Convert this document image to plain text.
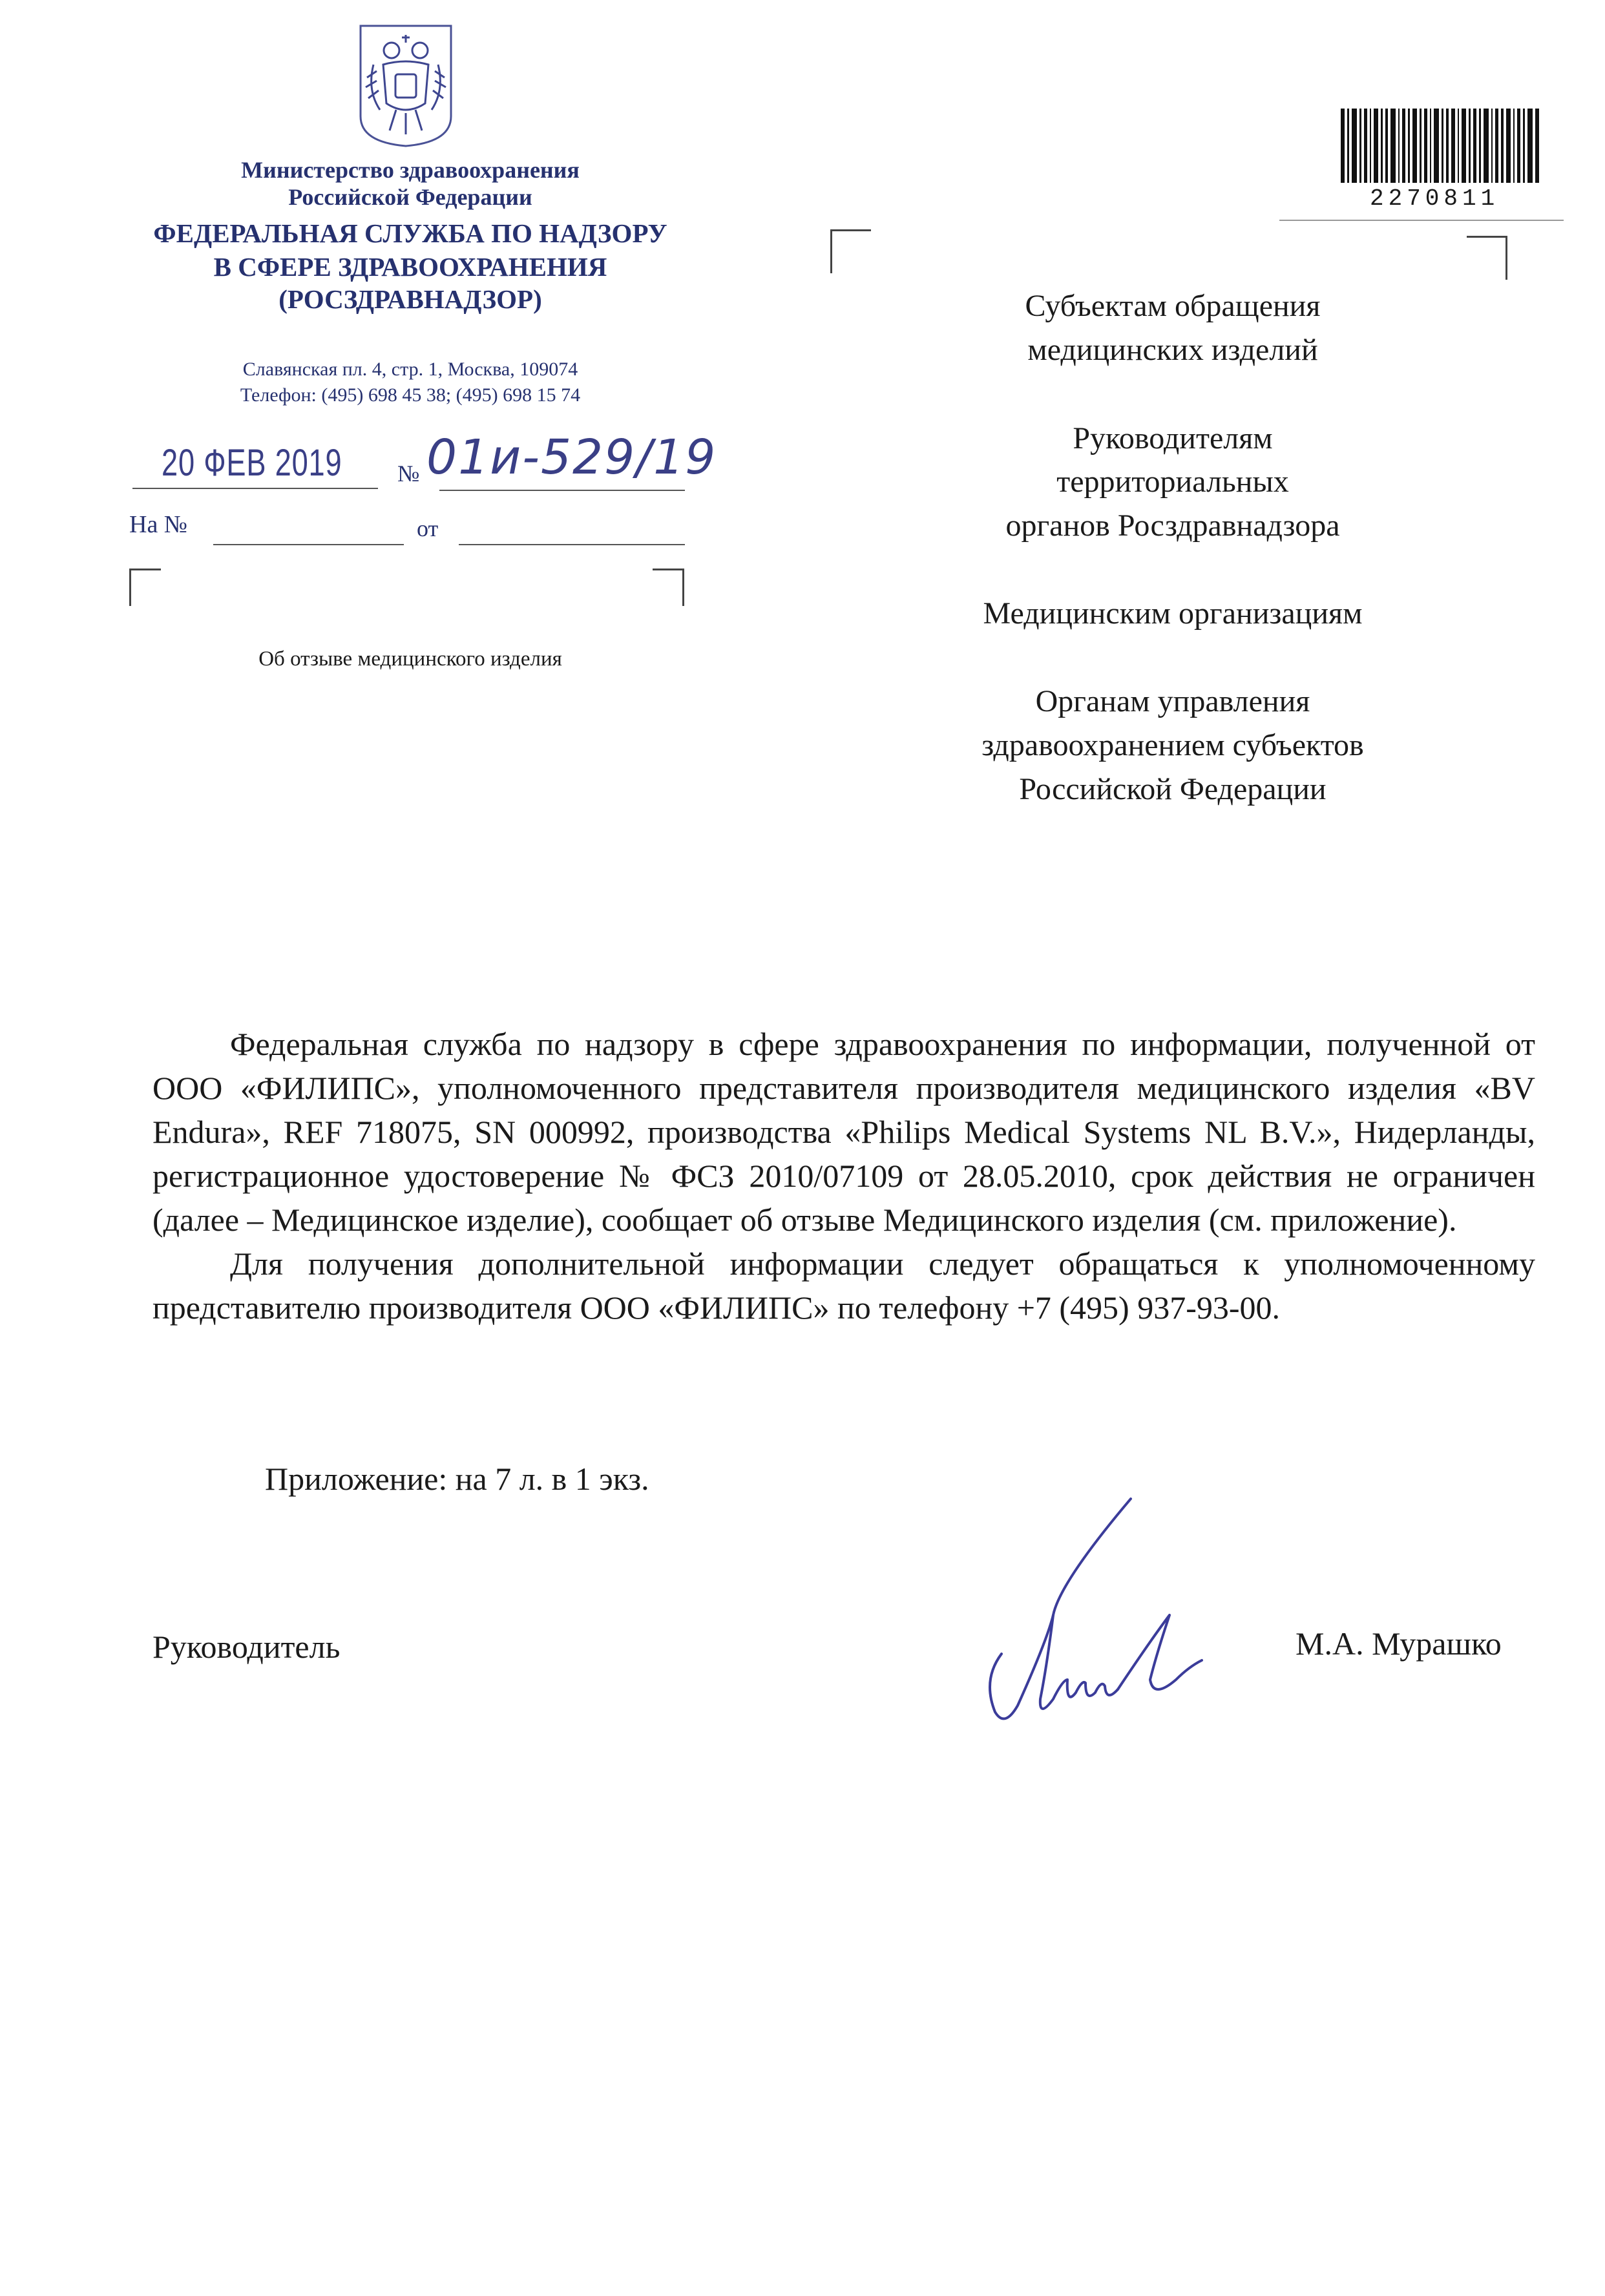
Министерство здравоохранения
Российской Федерации
ФЕДЕРАЛЬНАЯ СЛУЖБА ПО НАДЗОРУ
В СФЕРЕ ЗДРАВООХРАНЕНИЯ
(РОСЗДРАВНАДЗОР)
Славянская пл. 4, стр. 1, Москва, 109074
Телефон: (495) 698 45 38; (495) 698 15 74
20 ФЕВ 2019 № 01и-529/19
На №	от
Об отзыве медицинского изделия
2270811
Субъектам обращения
медицинских изделий
Руководителям
территориальных
органов Росздравнадзора
Медицинским организациям
Органам управления
здравоохранением субъектов
Российской Федерации

Федеральная служба по надзору в сфере здравоохранения по информации, полученной от ООО «ФИЛИПС», уполномоченного представителя производителя медицинского изделия «BV Endura», REF 718075, SN 000992, производства «Philips Medical Systems NL B.V.», Нидерланды, регистрационное удостоверение № ФСЗ 2010/07109 от 28.05.2010, срок действия не ограничен (далее – Медицинское изделие), сообщает об отзыве Медицинского изделия (см. приложение).

Для получения дополнительной информации следует обращаться к уполномоченному представителю производителя ООО «ФИЛИПС» по телефону +7 (495) 937-93-00.

Приложение: на 7 л. в 1 экз.
Руководитель	М.А. Мурашко
